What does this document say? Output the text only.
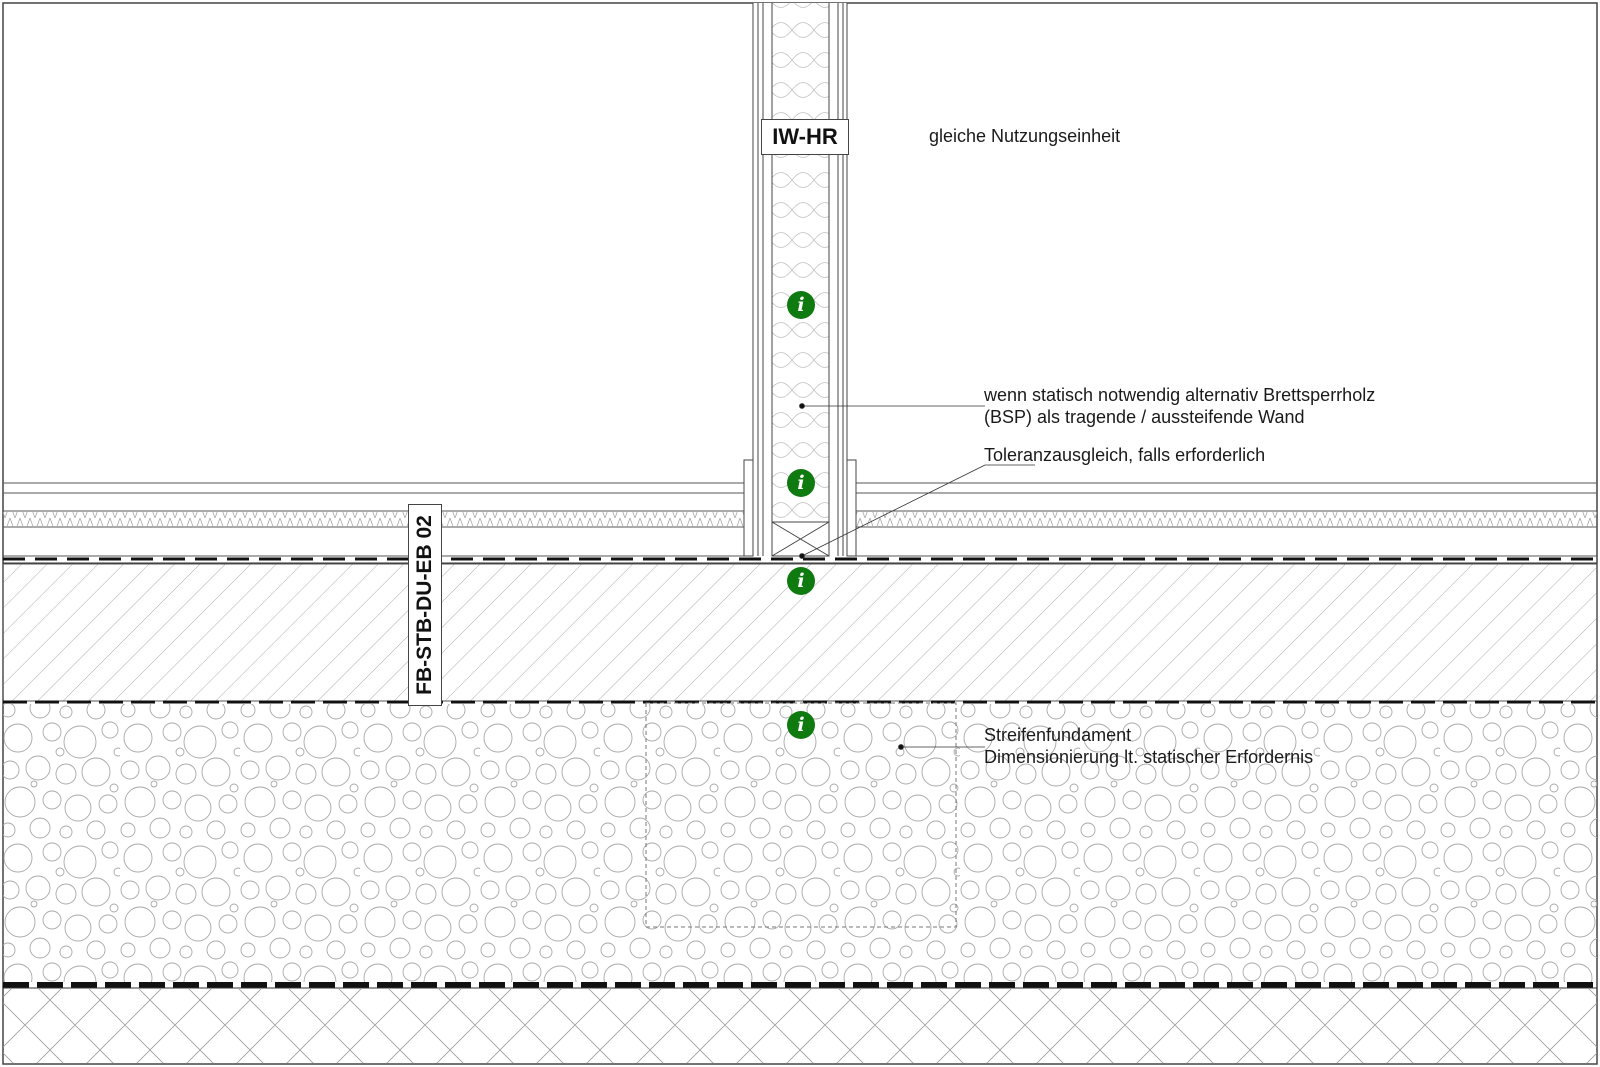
IW-HR
FB-STB-DU-EB 02
gleiche Nutzungseinheit
wenn statisch notwendig alternativ Brettsperrholz
(BSP) als tragende / aussteifende Wand
Toleranzausgleich, falls erforderlich
Streifenfundament
Dimensionierung lt. statischer Erfordernis
i
i
i
i
